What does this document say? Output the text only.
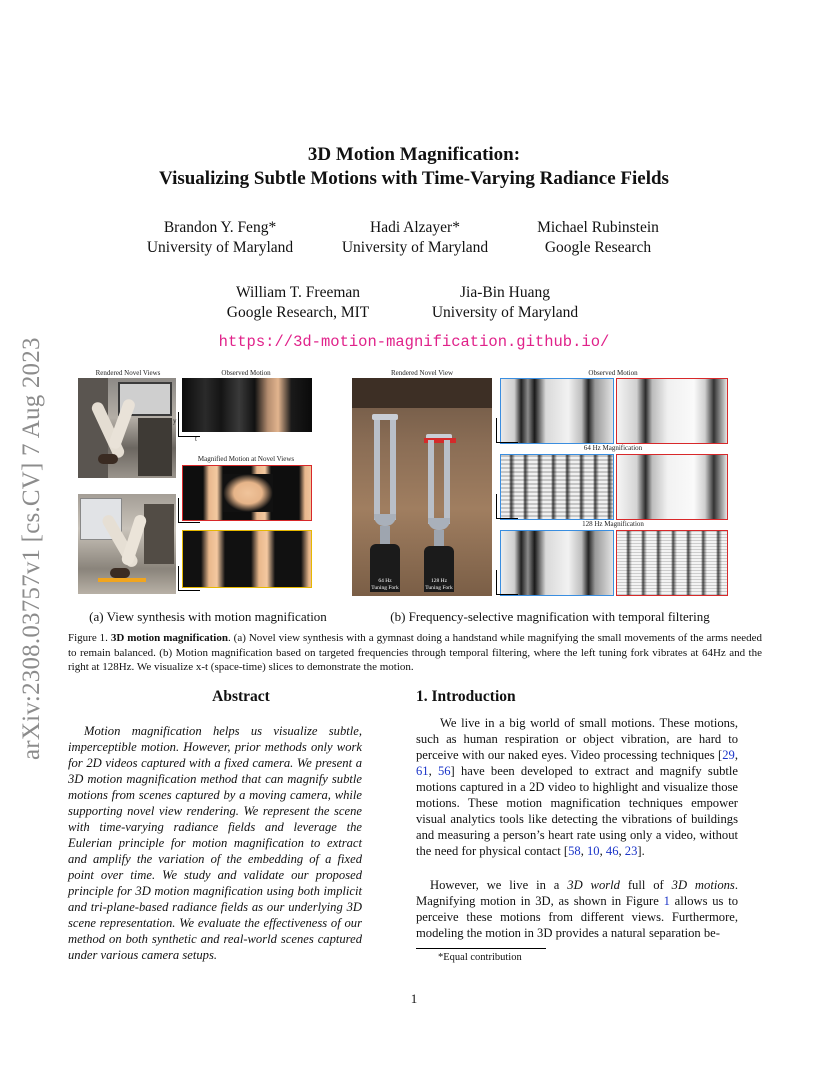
arXiv:2308.03757v1 [cs.CV] 7 Aug 2023
3D Motion Magnification:
Visualizing Subtle Motions with Time-Varying Radiance Fields
Brandon Y. Feng*
University of Maryland
Hadi Alzayer*
University of Maryland
Michael Rubinstein
Google Research
William T. Freeman
Google Research, MIT
Jia-Bin Huang
University of Maryland
https://3d-motion-magnification.github.io/
Rendered Novel Views	Observed Motion
y
t
Magnified Motion at Novel Views
Rendered Novel View	Observed Motion
64 Hz
Tuning Fork
128 Hz
Tuning Fork
64 Hz Magnification
128 Hz Magnification
(a) View synthesis with motion magnification	(b) Frequency-selective magnification with temporal filtering
Figure 1. 3D motion magnification. (a) Novel view synthesis with a gymnast doing a handstand while magnifying the small movements of the arms needed to remain balanced. (b) Motion magnification based on targeted frequencies through temporal filtering, where the left tuning fork vibrates at 64Hz and the right at 128Hz. We visualize x-t (space-time) slices to demonstrate the motion.
Abstract
Motion magnification helps us visualize subtle, imperceptible motion. However, prior methods only work for 2D videos captured with a fixed camera. We present a 3D motion magnification method that can magnify subtle motions from scenes captured by a moving camera, while supporting novel view rendering. We represent the scene with time-varying radiance fields and leverage the Eulerian principle for motion magnification to extract and amplify the variation of the embedding of a fixed point over time. We study and validate our proposed principle for 3D motion magnification using both implicit and tri-plane-based radiance fields as our underlying 3D scene representation. We evaluate the effectiveness of our method on both synthetic and real-world scenes captured under various camera setups.
1. Introduction
We live in a big world of small motions. These motions, such as human respiration or object vibration, are hard to perceive with our naked eyes. Video processing techniques [29, 61, 56] have been developed to extract and magnify subtle motions captured in a 2D video to highlight and visualize those motions. These motion magnification techniques empower visual analytics tools like detecting the vibrations of buildings and measuring a person’s heart rate using only a video, without the need for physical contact [58, 10, 46, 23].
However, we live in a 3D world full of 3D motions. Magnifying motion in 3D, as shown in Figure 1 allows us to perceive these motions from different views. Furthermore, modeling the motion in 3D provides a natural separation be-
*Equal contribution
1
